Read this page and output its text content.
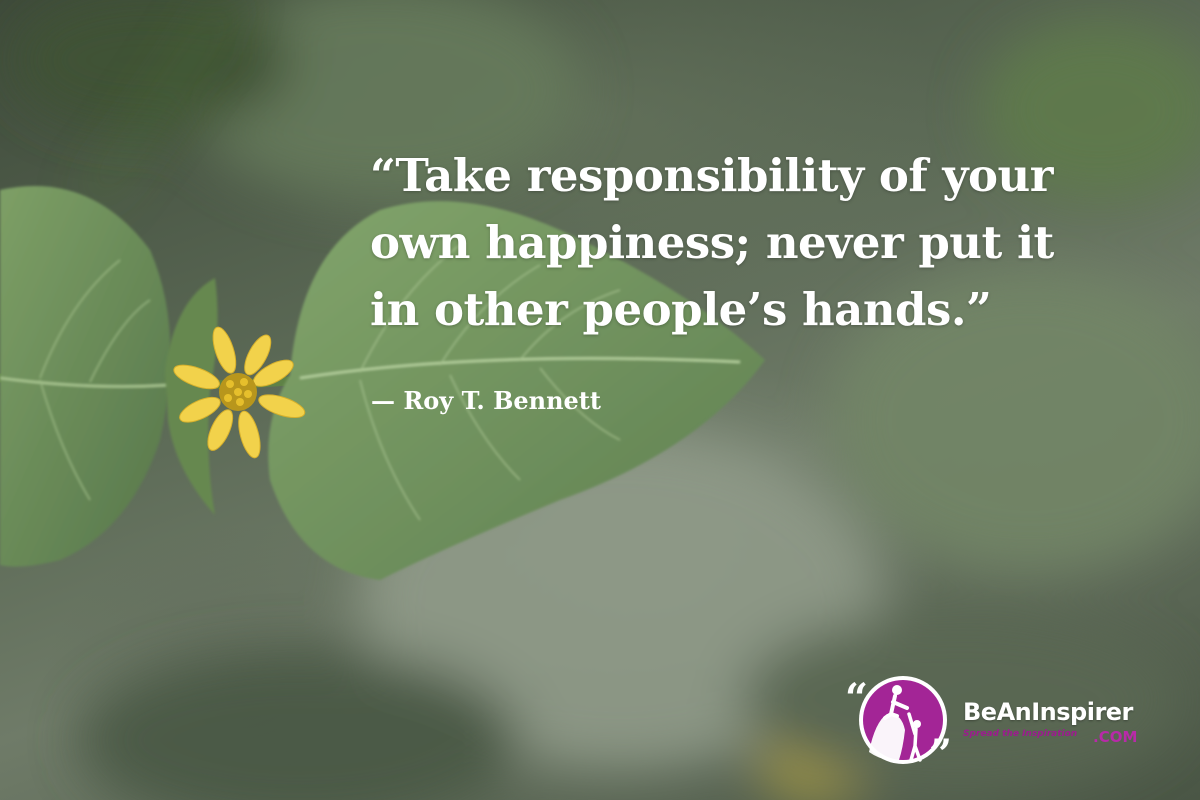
“Take responsibility of your
own happiness; never put it
in other people’s hands.”

— Roy T. Bennett

“
”
BeAnInspirer
Spread the Inspiration .COM
